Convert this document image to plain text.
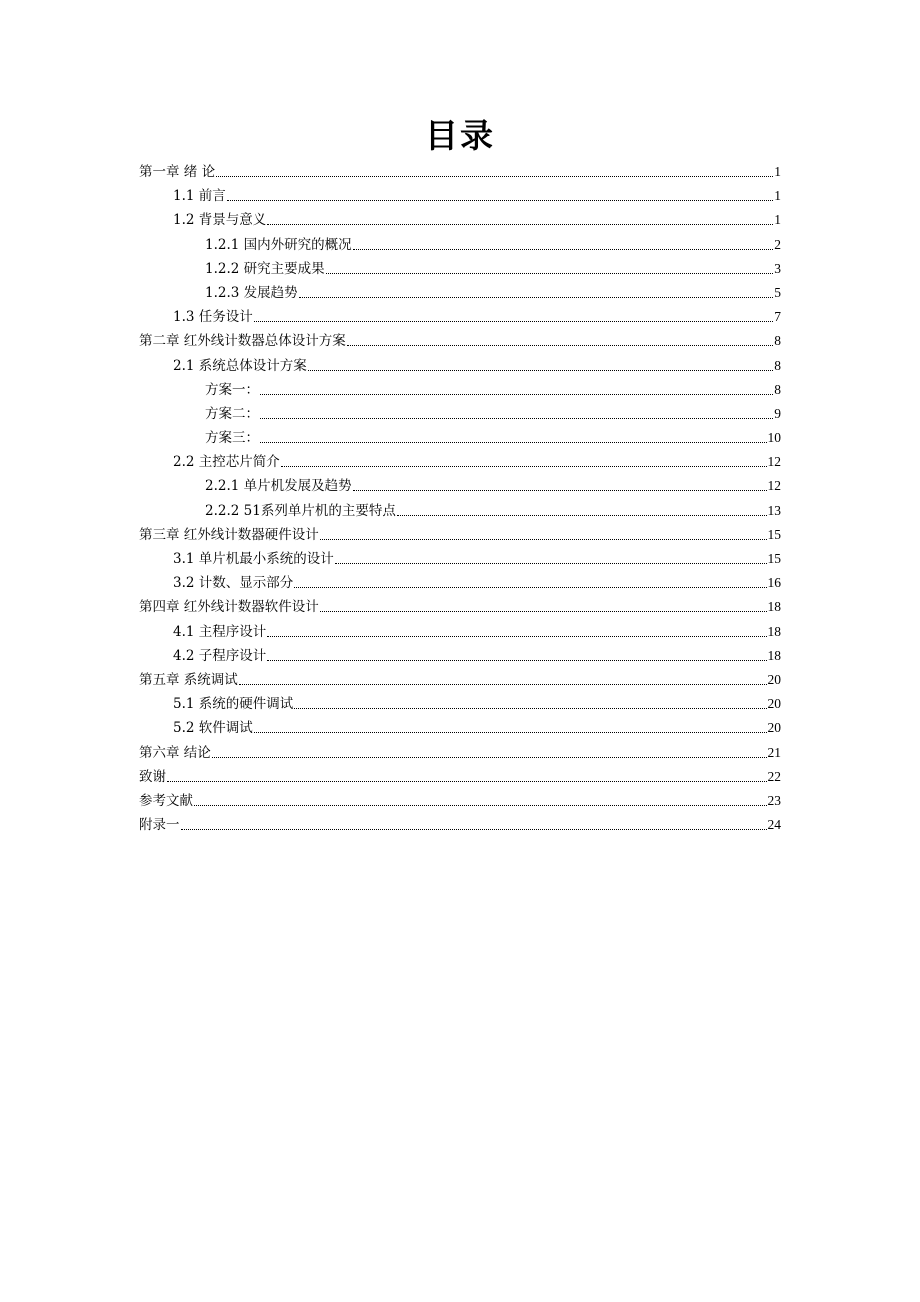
目录
第一章 绪 论	1
1.1 前言	1
1.2 背景与意义	1
1.2.1 国内外研究的概况	2
1.2.2 研究主要成果	3
1.2.3 发展趋势	5
1.3 任务设计	7
第二章 红外线计数器总体设计方案	8
2.1 系统总体设计方案	8
方案一：	8
方案二：	9
方案三：	10
2.2 主控芯片简介	12
2.2.1 单片机发展及趋势	12
2.2.2 51系列单片机的主要特点	13
第三章 红外线计数器硬件设计	15
3.1 单片机最小系统的设计	15
3.2 计数、显示部分	16
第四章 红外线计数器软件设计	18
4.1 主程序设计	18
4.2 子程序设计	18
第五章 系统调试	20
5.1 系统的硬件调试	20
5.2 软件调试	20
第六章 结论	21
致谢	22
参考文献	23
附录一	24
